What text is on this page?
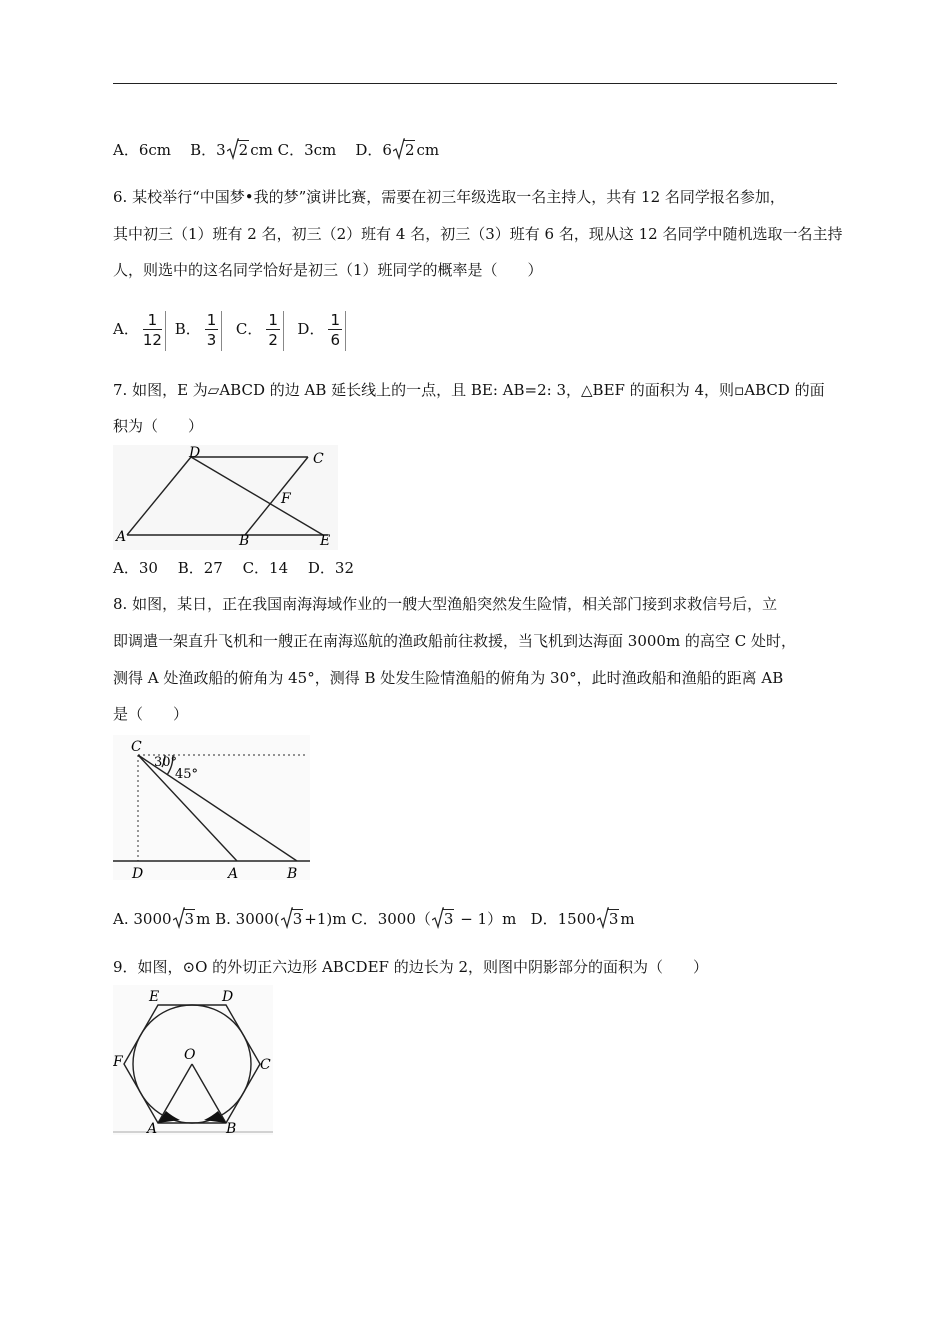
A．6cm B．3 2 cm C．3cm D．6 2 cm
6. 某校举行“中国梦•我的梦”演讲比赛，需要在初三年级选取一名主持人，共有 12 名同学报名参加，
其中初三（1）班有 2 名，初三（2）班有 4 名，初三（3）班有 6 名，现从这 12 名同学中随机选取一名主持
人，则选中的这名同学恰好是初三（1）班同学的概率是（　　）
A． $\frac{1}{12}$ B． $\frac{1}{3}$ C． $\frac{1}{2}$ D． $\frac{1}{6}$
7. 如图，E 为▱ABCD 的边 AB 延长线上的一点，且 BE: AB=2: 3，△BEF 的面积为 4，则▫ABCD 的面
积为（　　）
A	B
C
D
E
F
A．30　 B．27　 C．14　 D．32
8. 如图，某日，正在我国南海海域作业的一艘大型渔船突然发生险情，相关部门接到求救信号后，立
即调遣一架直升飞机和一艘正在南海巡航的渔政船前往救援，当飞机到达海面 3000m 的高空 C 处时，
测得 A 处渔政船的俯角为 45°，测得 B 处发生险情渔船的俯角为 30°，此时渔政船和渔船的距离 AB
是（　　）
C
D	A	B
30°
45°
A. 3000 3 m B. 3000( 3 +1)m C．3000（ 3 − 1）m D．1500 3 m
9．如图，⊙O 的外切正六边形 ABCDEF 的边长为 2，则图中阴影部分的面积为（　　）
A	B
C
D
E
F	O
